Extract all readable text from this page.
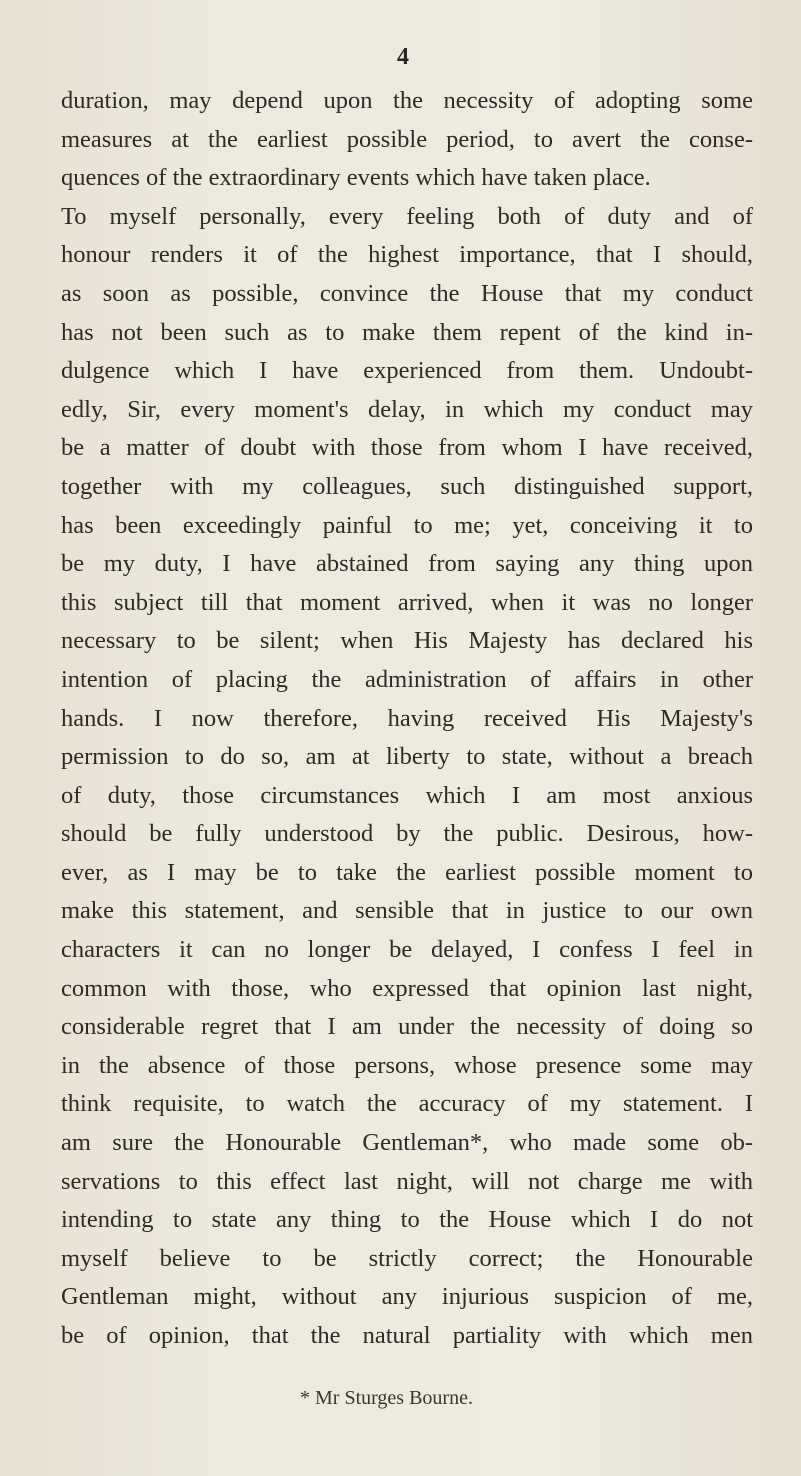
4
duration, may depend upon the necessity of adopting some
measures at the earliest possible period, to avert the conse-
quences of the extraordinary events which have taken place.
To myself personally, every feeling both of duty and of
honour renders it of the highest importance, that I should,
as soon as possible, convince the House that my conduct
has not been such as to make them repent of the kind in-
dulgence which I have experienced from them. Undoubt-
edly, Sir, every moment's delay, in which my conduct may
be a matter of doubt with those from whom I have received,
together with my colleagues, such distinguished support,
has been exceedingly painful to me; yet, conceiving it to
be my duty, I have abstained from saying any thing upon
this subject till that moment arrived, when it was no longer
necessary to be silent; when His Majesty has declared his
intention of placing the administration of affairs in other
hands. I now therefore, having received His Majesty's
permission to do so, am at liberty to state, without a breach
of duty, those circumstances which I am most anxious
should be fully understood by the public. Desirous, how-
ever, as I may be to take the earliest possible moment to
make this statement, and sensible that in justice to our own
characters it can no longer be delayed, I confess I feel in
common with those, who expressed that opinion last night,
considerable regret that I am under the necessity of doing so
in the absence of those persons, whose presence some may
think requisite, to watch the accuracy of my statement. I
am sure the Honourable Gentleman*, who made some ob-
servations to this effect last night, will not charge me with
intending to state any thing to the House which I do not
myself believe to be strictly correct; the Honourable
Gentleman might, without any injurious suspicion of me,
be of opinion, that the natural partiality with which men
* Mr Sturges Bourne.
